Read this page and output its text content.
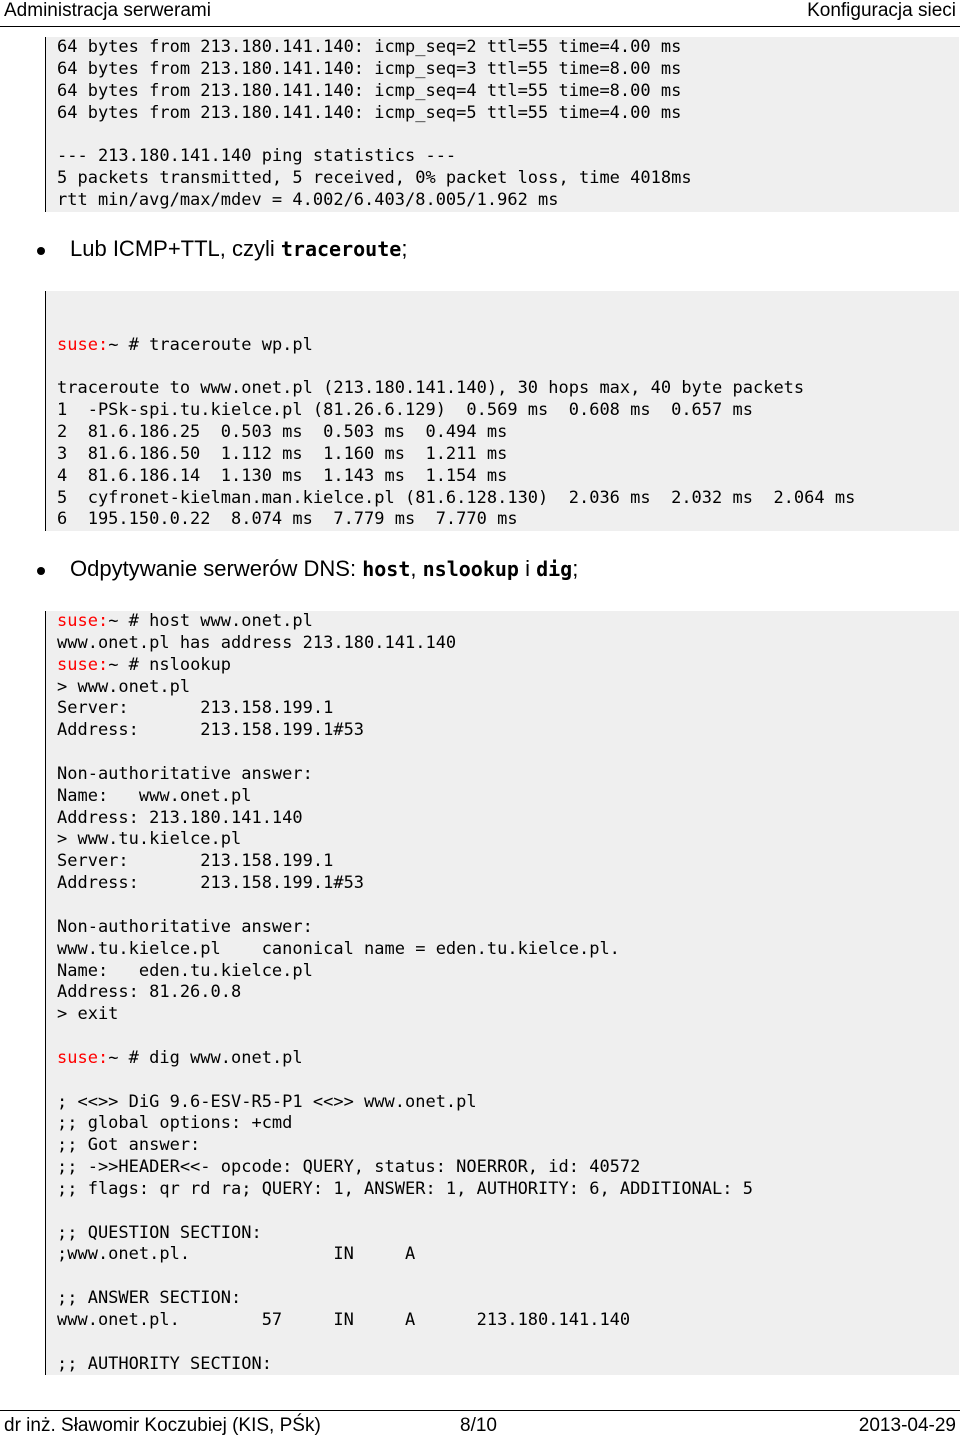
Administracja serwerami	Konfiguracja sieci
64 bytes from 213.180.141.140: icmp_seq=2 ttl=55 time=4.00 ms
64 bytes from 213.180.141.140: icmp_seq=3 ttl=55 time=8.00 ms
64 bytes from 213.180.141.140: icmp_seq=4 ttl=55 time=8.00 ms
64 bytes from 213.180.141.140: icmp_seq=5 ttl=55 time=4.00 ms
--- 213.180.141.140 ping statistics ---
5 packets transmitted, 5 received, 0% packet loss, time 4018ms
rtt min/avg/max/mdev = 4.002/6.403/8.005/1.962 ms
Lub ICMP+TTL, czyli traceroute;

suse:~ # traceroute wp.pl

traceroute to www.onet.pl (213.180.141.140), 30 hops max, 40 byte packets
1  -PSk-spi.tu.kielce.pl (81.26.6.129)  0.569 ms  0.608 ms  0.657 ms
2  81.6.186.25  0.503 ms  0.503 ms  0.494 ms
3  81.6.186.50  1.112 ms  1.160 ms  1.211 ms
4  81.6.186.14  1.130 ms  1.143 ms  1.154 ms
5  cyfronet-kielman.man.kielce.pl (81.6.128.130)  2.036 ms  2.032 ms  2.064 ms
6  195.150.0.22  8.074 ms  7.779 ms  7.770 ms
Odpytywanie serwerów DNS: host, nslookup i dig;
suse:~ # host www.onet.pl
www.onet.pl has address 213.180.141.140
suse:~ # nslookup
> www.onet.pl
Server:       213.158.199.1
Address:      213.158.199.1#53
Non-authoritative answer:
Name:   www.onet.pl
Address: 213.180.141.140
> www.tu.kielce.pl
Server:       213.158.199.1
Address:      213.158.199.1#53
Non-authoritative answer:
www.tu.kielce.pl    canonical name = eden.tu.kielce.pl.
Name:   eden.tu.kielce.pl
Address: 81.26.0.8
> exit
suse:~ # dig www.onet.pl
; <<>> DiG 9.6-ESV-R5-P1 <<>> www.onet.pl
;; global options: +cmd
;; Got answer:
;; ->>HEADER<<- opcode: QUERY, status: NOERROR, id: 40572
;; flags: qr rd ra; QUERY: 1, ANSWER: 1, AUTHORITY: 6, ADDITIONAL: 5
;; QUESTION SECTION:
;www.onet.pl.              IN     A
;; ANSWER SECTION:
www.onet.pl.        57     IN     A      213.180.141.140
;; AUTHORITY SECTION:
dr inż. Sławomir Koczubiej (KIS, PŚk)	8/10	2013-04-29
